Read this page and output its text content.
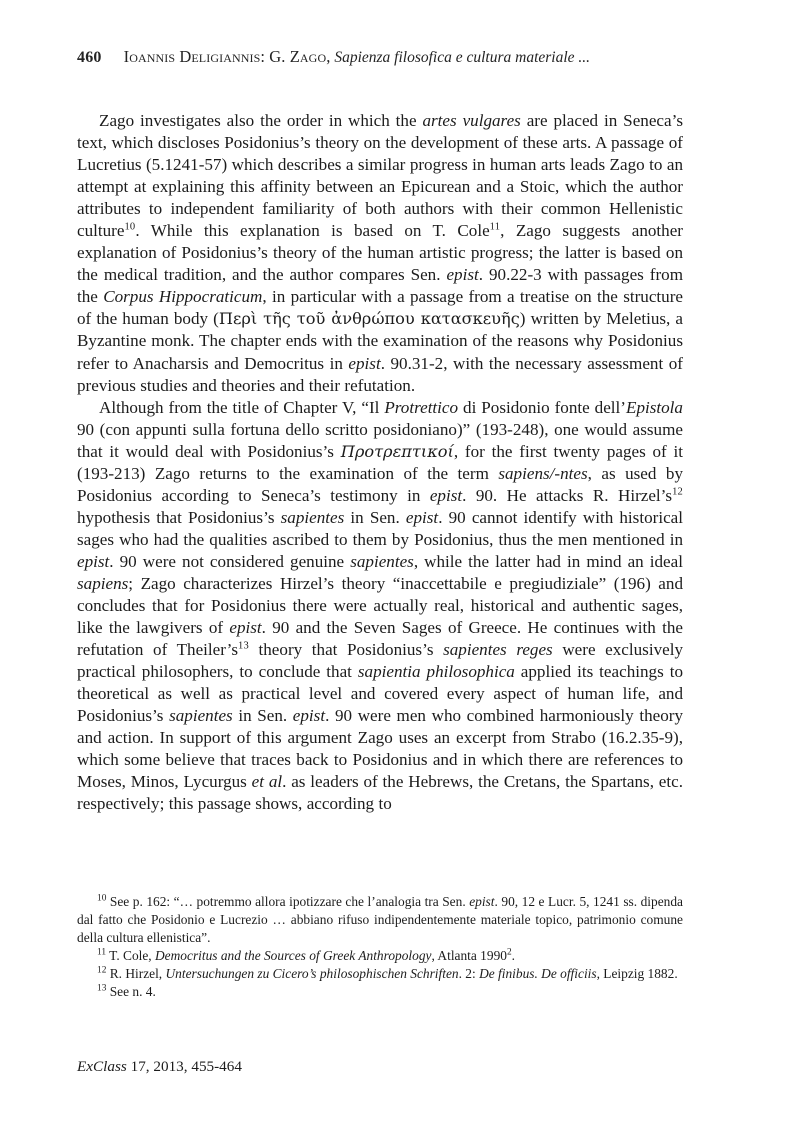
460 Ioannis Deligiannis: G. Zago, Sapienza filosofica e cultura materiale ...

Zago investigates also the order in which the artes vulgares are placed in Seneca’s text, which discloses Posidonius’s theory on the development of these arts. A passage of Lucretius (5.1241-57) which describes a similar progress in human arts leads Zago to an attempt at explaining this affinity between an Epicurean and a Stoic, which the author attributes to independent familiarity of both authors with their common Hellenistic culture$^{10}$. While this explanation is based on T. Cole$^{11}$, Zago suggests another explanation of Posidonius’s theory of the human artistic progress; the latter is based on the medical tradition, and the author compares Sen. epist. 90.22-3 with passages from the Corpus Hippocraticum, in particular with a passage from a treatise on the structure of the human body (Περὶ τῆς τοῦ ἀνθρώπου κατασκευῆς) written by Meletius, a Byzantine monk. The chapter ends with the examination of the reasons why Posidonius refer to Anacharsis and Democritus in epist. 90.31-2, with the necessary assessment of previous studies and theories and their refutation.

Although from the title of Chapter V, “Il Protrettico di Posidonio fonte dell’Epistola 90 (con appunti sulla fortuna dello scritto posidoniano)” (193-248), one would assume that it would deal with Posidonius’s Προτρεπτικοί, for the first twenty pages of it (193-213) Zago returns to the examination of the term sapiens/-ntes, as used by Posidonius according to Seneca’s testimony in epist. 90. He attacks R. Hirzel’s$^{12}$ hypothesis that Posidonius’s sapientes in Sen. epist. 90 cannot identify with historical sages who had the qualities ascribed to them by Posidonius, thus the men mentioned in epist. 90 were not considered genuine sapientes, while the latter had in mind an ideal sapiens; Zago characterizes Hirzel’s theory “inaccettabile e pregiudiziale” (196) and concludes that for Posidonius there were actually real, historical and authentic sages, like the lawgivers of epist. 90 and the Seven Sages of Greece. He continues with the refutation of Theiler’s$^{13}$ theory that Posidonius’s sapientes reges were exclusively practical philosophers, to conclude that sapientia philosophica applied its teachings to theoretical as well as practical level and covered every aspect of human life, and Posidonius’s sapientes in Sen. epist. 90 were men who combined harmoniously theory and action. In support of this argument Zago uses an excerpt from Strabo (16.2.35-9), which some believe that traces back to Posidonius and in which there are references to Moses, Minos, Lycurgus et al. as leaders of the Hebrews, the Cretans, the Spartans, etc. respectively; this passage shows, according to

$^{10}$ See p. 162: “… potremmo allora ipotizzare che l’analogia tra Sen. epist. 90, 12 e Lucr. 5, 1241 ss. dipenda dal fatto che Posidonio e Lucrezio … abbiano rifuso indipendentemente materiale topico, patrimonio comune della cultura ellenistica”.

$^{11}$ T. Cole, Democritus and the Sources of Greek Anthropology, Atlanta 1990$^2$.

$^{12}$ R. Hirzel, Untersuchungen zu Cicero’s philosophischen Schriften. 2: De finibus. De officiis, Leipzig 1882.

$^{13}$ See n. 4.

ExClass 17, 2013, 455-464
